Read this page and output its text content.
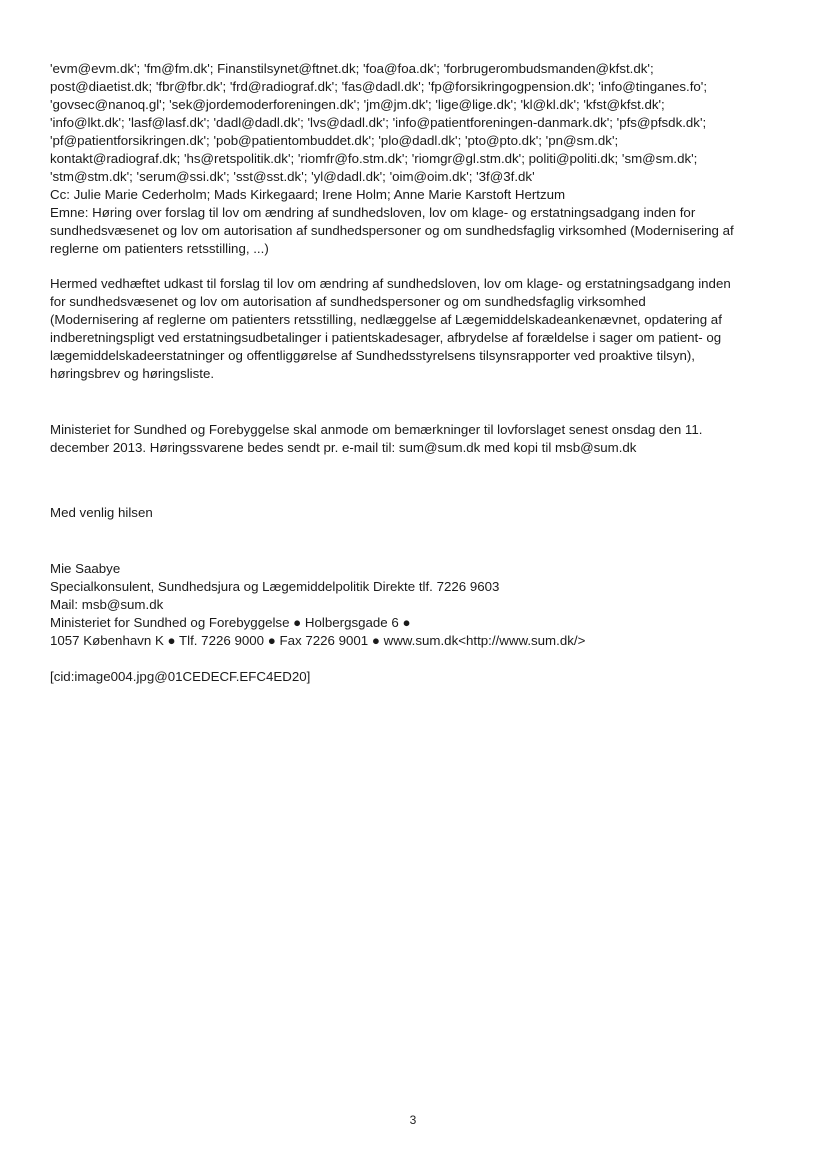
'evm@evm.dk'; 'fm@fm.dk'; Finanstilsynet@ftnet.dk; 'foa@foa.dk'; 'forbrugerombudsmanden@kfst.dk';
post@diaetist.dk; 'fbr@fbr.dk'; 'frd@radiograf.dk'; 'fas@dadl.dk'; 'fp@forsikringogpension.dk'; 'info@tinganes.fo';
'govsec@nanoq.gl'; 'sek@jordemoderforeningen.dk'; 'jm@jm.dk'; 'lige@lige.dk'; 'kl@kl.dk'; 'kfst@kfst.dk';
'info@lkt.dk'; 'lasf@lasf.dk'; 'dadl@dadl.dk'; 'lvs@dadl.dk'; 'info@patientforeningen-danmark.dk'; 'pfs@pfsdk.dk';
'pf@patientforsikringen.dk'; 'pob@patientombuddet.dk'; 'plo@dadl.dk'; 'pto@pto.dk'; 'pn@sm.dk';
kontakt@radiograf.dk; 'hs@retspolitik.dk'; 'riomfr@fo.stm.dk'; 'riomgr@gl.stm.dk'; politi@politi.dk; 'sm@sm.dk';
'stm@stm.dk'; 'serum@ssi.dk'; 'sst@sst.dk'; 'yl@dadl.dk'; 'oim@oim.dk'; '3f@3f.dk'
Cc: Julie Marie Cederholm; Mads Kirkegaard; Irene Holm; Anne Marie Karstoft Hertzum
Emne: Høring over forslag til lov om ændring af sundhedsloven, lov om klage- og erstatningsadgang inden for
sundhedsvæsenet og lov om autorisation af sundhedspersoner og om sundhedsfaglig virksomhed (Modernisering af
reglerne om patienters retsstilling, ...)
Hermed vedhæftet udkast til forslag til lov om ændring af sundhedsloven, lov om klage- og erstatningsadgang inden
for sundhedsvæsenet og lov om autorisation af sundhedspersoner og om sundhedsfaglig virksomhed
(Modernisering af reglerne om patienters retsstilling, nedlæggelse af Lægemiddelskadeankenævnet, opdatering af
indberetningspligt ved erstatningsudbetalinger i patientskadesager, afbrydelse af forældelse i sager om patient- og
lægemiddelskadeerstatninger og offentliggørelse af Sundhedsstyrelsens tilsynsrapporter ved proaktive tilsyn),
høringsbrev og høringsliste.
Ministeriet for Sundhed og Forebyggelse skal anmode om bemærkninger til lovforslaget senest onsdag den 11.
december 2013. Høringssvarene bedes sendt pr. e-mail til: sum@sum.dk med kopi til msb@sum.dk
Med venlig hilsen
Mie Saabye
Specialkonsulent, Sundhedsjura og Lægemiddelpolitik Direkte tlf. 7226 9603
Mail: msb@sum.dk
Ministeriet for Sundhed og Forebyggelse ● Holbergsgade 6 ●
1057 København K ● Tlf. 7226 9000 ● Fax 7226 9001 ● www.sum.dk<http://www.sum.dk/>
[cid:image004.jpg@01CEDECF.EFC4ED20]
3
